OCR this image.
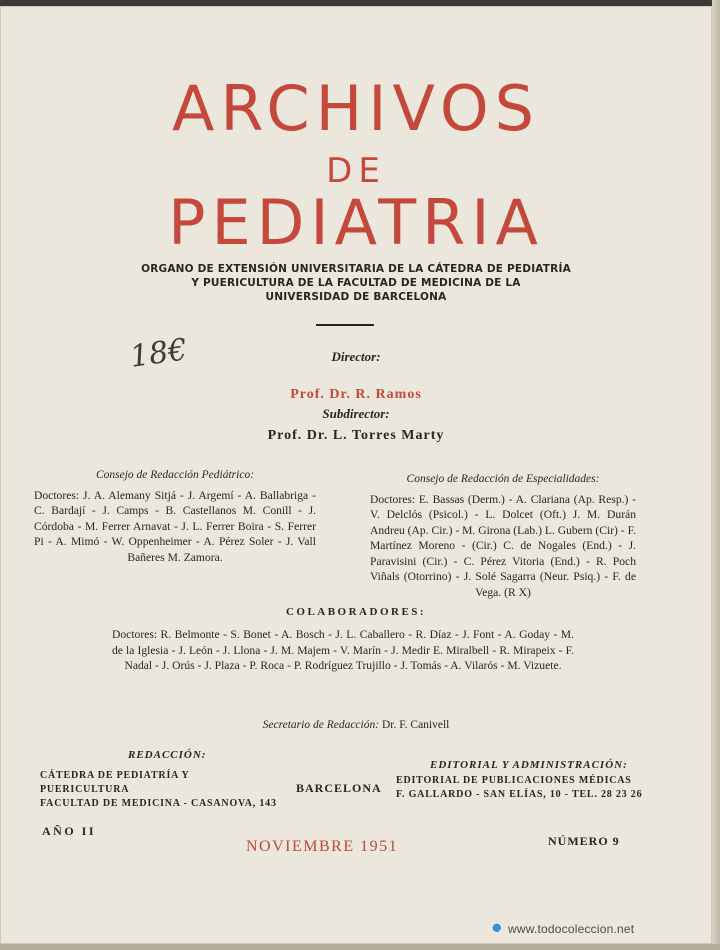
ARCHIVOS
DE
PEDIATRIA
ORGANO DE EXTENSIÓN UNIVERSITARIA DE LA CÁTEDRA DE PEDIATRÍA
Y PUERICULTURA DE LA FACULTAD DE MEDICINA DE LA
UNIVERSIDAD DE BARCELONA
18€	Director:
Prof. Dr. R. Ramos
Subdirector:
Prof. Dr. L. Torres Marty
Consejo de Redacción Pediátrico:
Doctores: J. A. Alemany Sitjá - J. Argemí - A. Ballabriga - C. Bardají - J. Camps - B. Castellanos M. Conill - J. Córdoba - M. Ferrer Arnavat - J. L. Ferrer Boira - S. Ferrer Pi - A. Mimó - W. Oppenheimer - A. Pérez Soler - J. Vall Bañeres M. Zamora.
Consejo de Redacción de Especialidades:
Doctores: E. Bassas (Derm.) - A. Clariana (Ap. Resp.) - V. Delclós (Psicol.) - L. Dolcet (Oft.) J. M. Durán Andreu (Ap. Cir.) - M. Girona (Lab.) L. Gubern (Cir) - F. Martínez Moreno - (Cir.) C. de Nogales (End.) - J. Paravisini (Cir.) - C. Pérez Vitoria (End.) - R. Poch Viñals (Otorrino) - J. Solé Sagarra (Neur. Psiq.) - F. de Vega. (R X)
COLABORADORES:
Doctores: R. Belmonte - S. Bonet - A. Bosch - J. L. Caballero - R. Díaz - J. Font - A. Goday - M. de la Iglesia - J. León - J. Llona - J. M. Majem - V. Marín - J. Medir E. Miralbell - R. Mirapeix - F. Nadal - J. Orús - J. Plaza - P. Roca - P. Rodríguez Trujillo - J. Tomás - A. Vilarós - M. Vizuete.
Secretario de Redacción: Dr. F. Canivell
REDACCIÓN:
CÁTEDRA DE PEDIATRÍA Y PUERICULTURA
FACULTAD DE MEDICINA - CASANOVA, 143
BARCELONA
EDITORIAL Y ADMINISTRACIÓN:
EDITORIAL DE PUBLICACIONES MÉDICAS
F. GALLARDO - SAN ELÍAS, 10 - TEL. 28 23 26
AÑO II
NOVIEMBRE 1951	NÚMERO 9
www.todocoleccion.net
